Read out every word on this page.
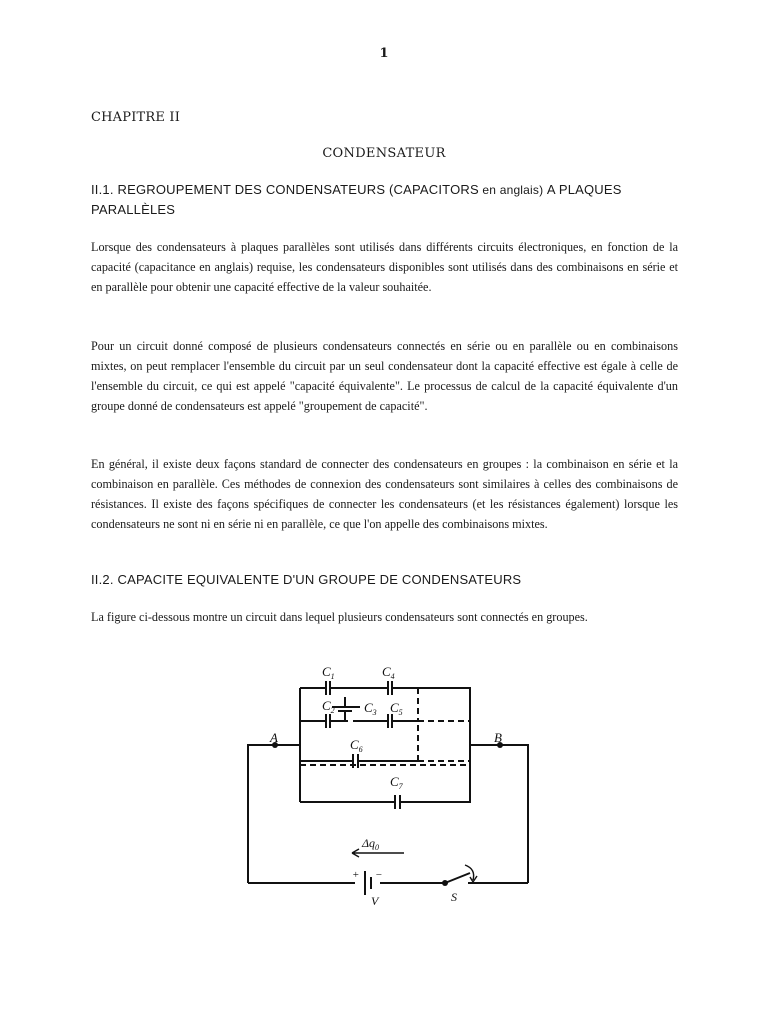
1
CHAPITRE II
CONDENSATEUR
II.1. REGROUPEMENT DES CONDENSATEURS (CAPACITORS en anglais) A PLAQUES PARALLÈLES

Lorsque des condensateurs à plaques parallèles sont utilisés dans différents circuits électroniques, en fonction de la capacité (capacitance en anglais) requise, les condensateurs disponibles sont utilisés dans des combinaisons en série et en parallèle pour obtenir une capacité effective de la valeur souhaitée.

Pour un circuit donné composé de plusieurs condensateurs connectés en série ou en parallèle ou en combinaisons mixtes, on peut remplacer l'ensemble du circuit par un seul condensateur dont la capacité effective est égale à celle de l'ensemble du circuit, ce qui est appelé "capacité équivalente". Le processus de calcul de la capacité équivalente d'un groupe donné de condensateurs est appelé "groupement de capacité".

En général, il existe deux façons standard de connecter des condensateurs en groupes : la combinaison en série et la combinaison en parallèle. Ces méthodes de connexion des condensateurs sont similaires à celles des combinaisons de résistances. Il existe des façons spécifiques de connecter les condensateurs (et les résistances également) lorsque les condensateurs ne sont ni en série ni en parallèle, ce que l'on appelle des combinaisons mixtes.

II.2. CAPACITE EQUIVALENTE D'UN GROUPE DE CONDENSATEURS

La figure ci-dessous montre un circuit dans lequel plusieurs condensateurs sont connectés en groupes.

$C_1$	$C_4$
$C_2$ $C_3$ $C_5$
$C_6$
$C_7$
A	B
$\Delta q_0$
+ −
V	S
